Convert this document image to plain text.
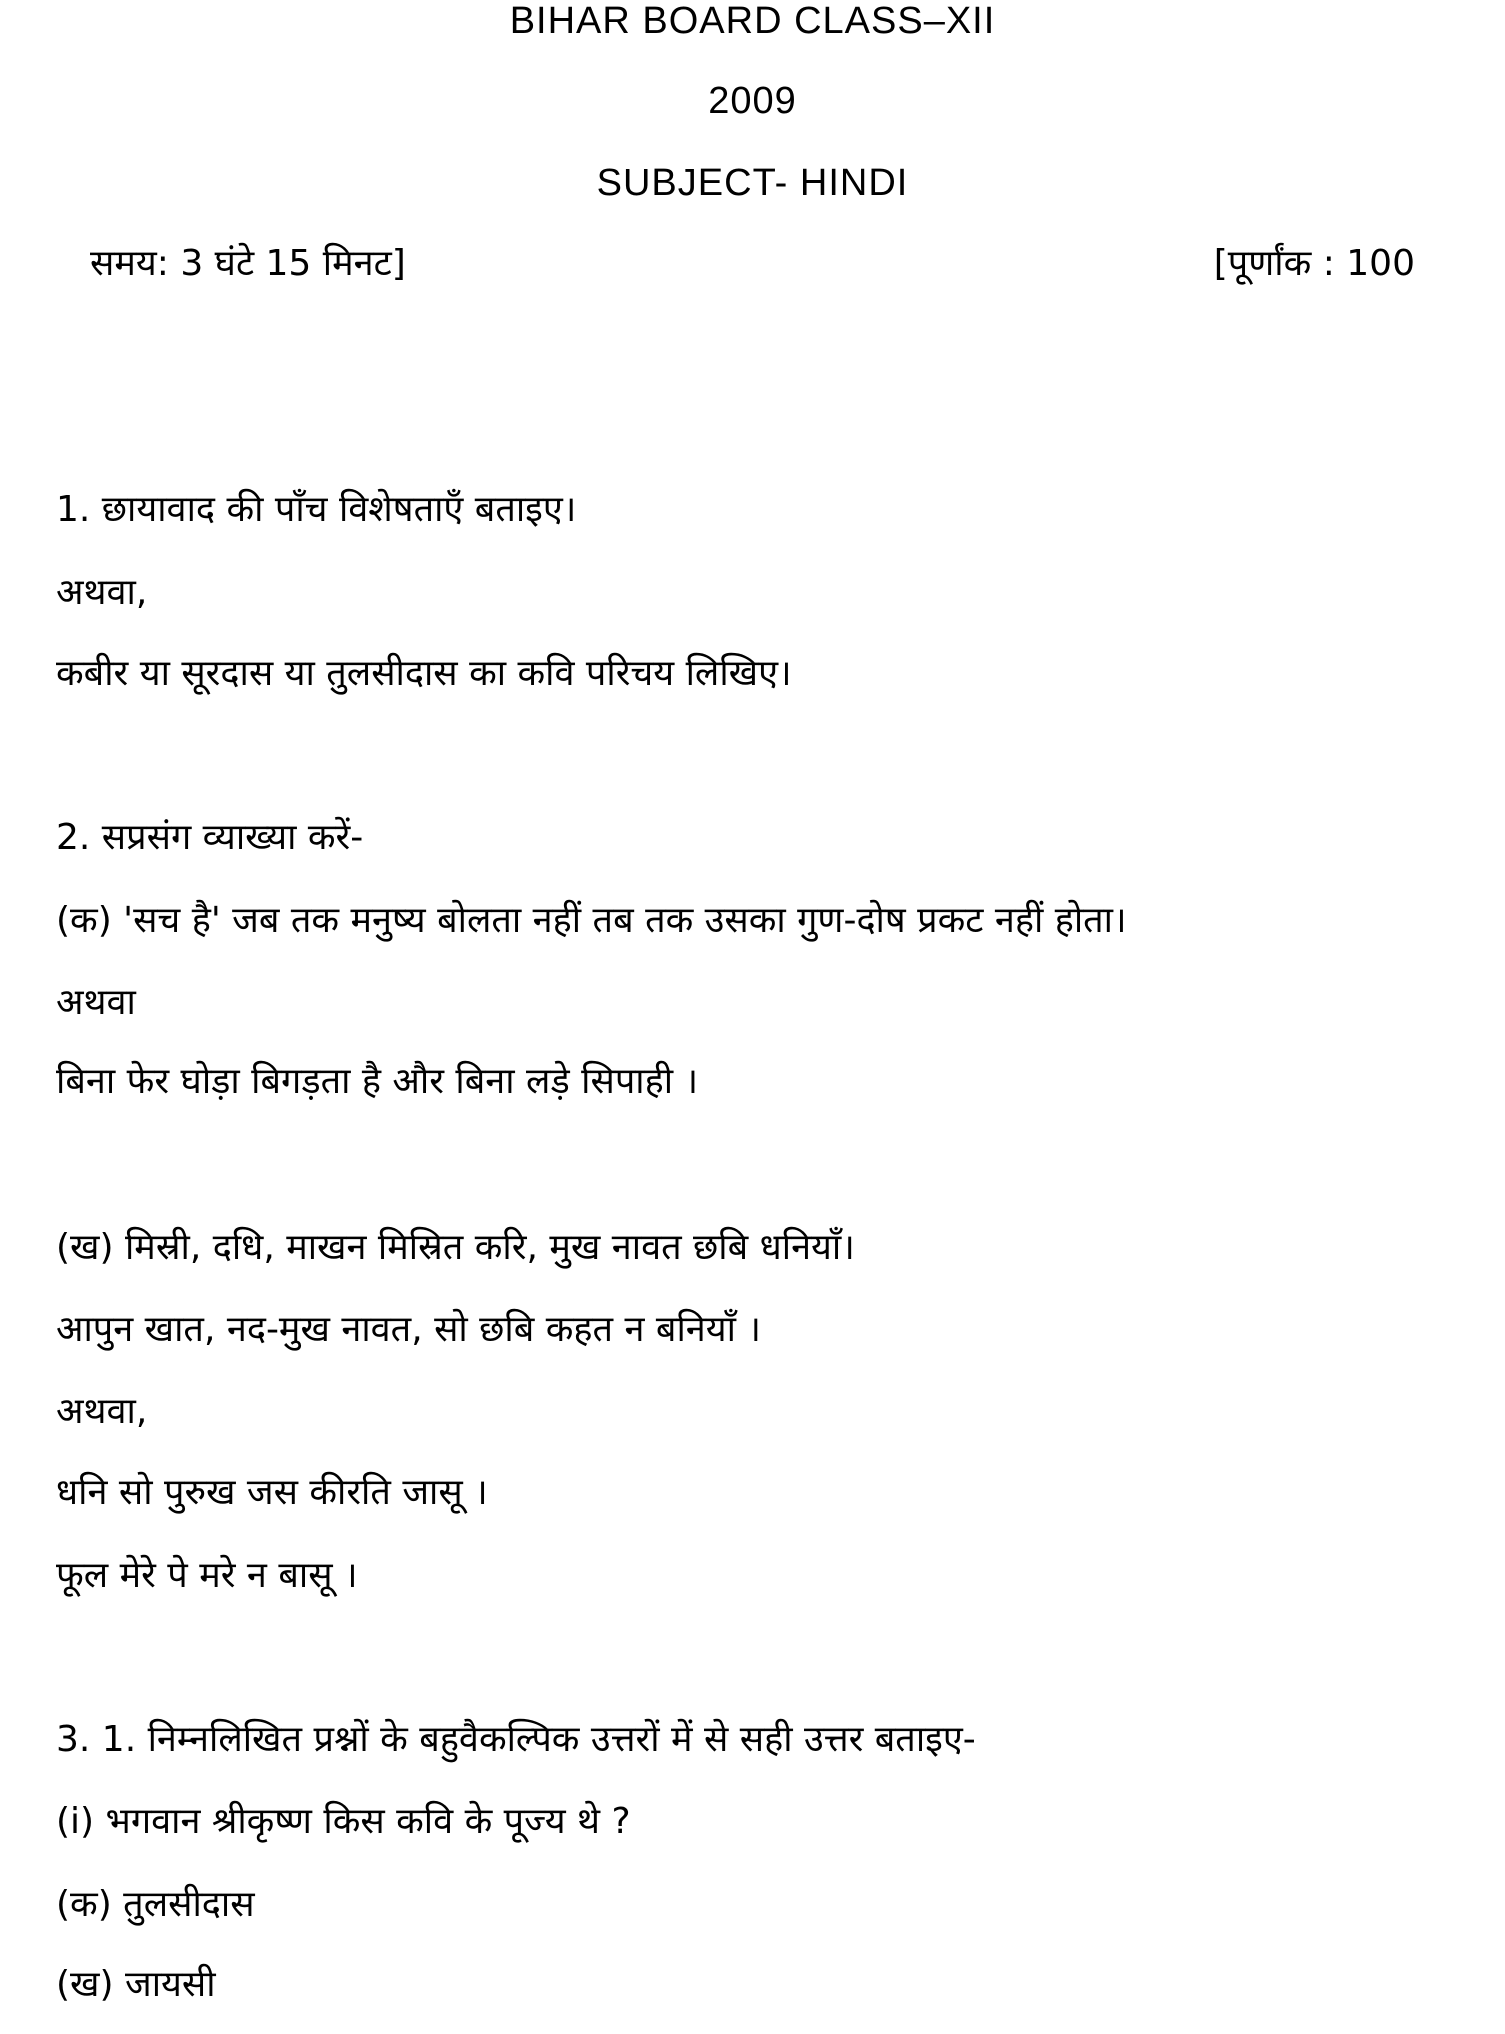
BIHAR BOARD CLASS–XII
2009
SUBJECT- HINDI
समय: 3 घंटे 15 मिनट]	[पूर्णांक : 100
1. छायावाद की पाँच विशेषताएँ बताइए।
अथवा,
कबीर या सूरदास या तुलसीदास का कवि परिचय लिखिए।
2. सप्रसंग व्याख्या करें-
(क) 'सच है' जब तक मनुष्य बोलता नहीं तब तक उसका गुण-दोष प्रकट नहीं होता।
अथवा
बिना फेर घोड़ा बिगड़ता है और बिना लड़े सिपाही ।
(ख) मिस्री, दधि, माखन मिस्रित करि, मुख नावत छबि धनियाँ।
आपुन खात, नद-मुख नावत, सो छबि कहत न बनियाँ ।
अथवा,
धनि सो पुरुख जस कीरति जासू ।
फूल मेरे पे मरे न बासू ।
3. 1. निम्नलिखित प्रश्नों के बहुवैकल्पिक उत्तरों में से सही उत्तर बताइए-
(i) भगवान श्रीकृष्ण किस कवि के पूज्य थे ?
(क) तुलसीदास
(ख) जायसी
